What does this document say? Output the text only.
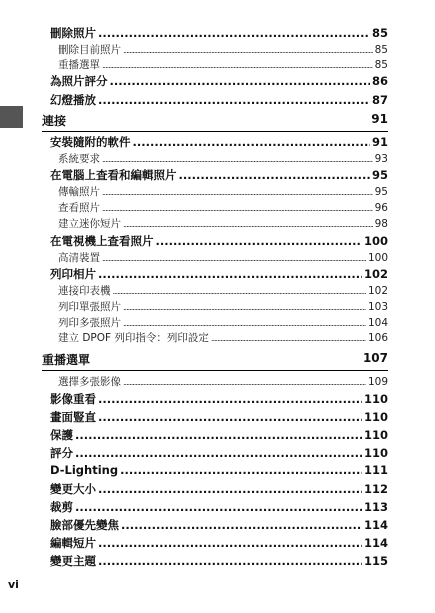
刪除照片 .....	85
刪除目前照片 .....	85
重播選單 .....	85
為照片評分 .....	86
幻燈播放 .....	87
連接	91
安裝隨附的軟件 .....	91
系統要求 .....	93
在電腦上查看和編輯照片 .....	95
傳輸照片 .....	95
查看照片 .....	96
建立迷你短片 .....	98
在電視機上查看照片 .....	100
高清裝置 .....	100
列印相片 .....	102
連接印表機 .....	102
列印單張照片 .....	103
列印多張照片 .....	104
建立 DPOF 列印指令：列印設定 .....	106
重播選單	107
選擇多張影像 .....	109
影像重看 .....	110
畫面豎直 .....	110
保護 .....	110
評分 .....	110
D-Lighting .....	111
變更大小 .....	112
裁剪 .....	113
臉部優先變焦 .....	114
編輯短片 .....	114
變更主題 .....	115
vi
